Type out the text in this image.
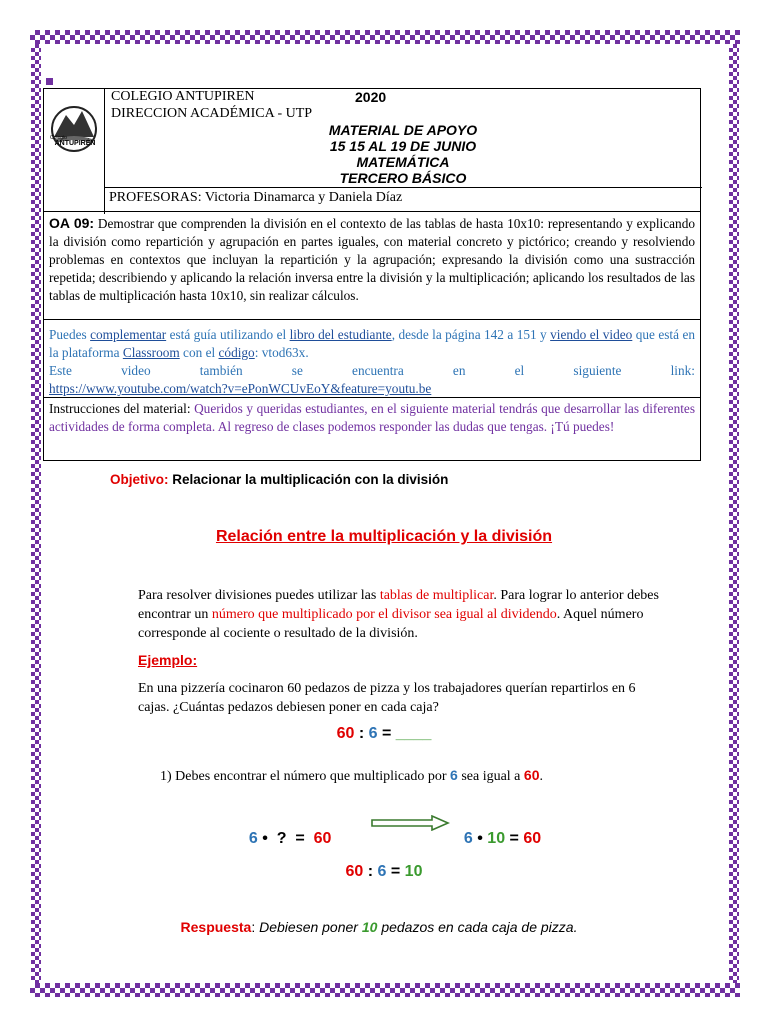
Colegio
ANTUPIRÉN
COLEGIO ANTUPIREN	2020
DIRECCION ACADÉMICA - UTP
MATERIAL DE APOYO
15 15 AL 19 DE JUNIO
MATEMÁTICA
TERCERO BÁSICO
PROFESORAS: Victoria Dinamarca y Daniela Díaz
OA 09: Demostrar que comprenden la división en el contexto de las tablas de hasta 10x10: representando y explicando la división como repartición y agrupación en partes iguales, con material concreto y pictórico; creando y resolviendo problemas en contextos que incluyan la repartición y la agrupación; expresando la división como una sustracción repetida; describiendo y aplicando la relación inversa entre la división y la multiplicación; aplicando los resultados de las tablas de multiplicación hasta 10x10, sin realizar cálculos.
Puedes complementar está guía utilizando el libro del estudiante, desde la página 142 a 151 y viendo el video que está en la plataforma Classroom con el código: vtod63x.

Este video también se encuentra en el siguiente link:
https://www.youtube.com/watch?v=ePonWCUvEoY&feature=youtu.be
Instrucciones del material: Queridos y queridas estudiantes, en el siguiente material tendrás que desarrollar las diferentes actividades de forma completa. Al regreso de clases podemos responder las dudas que tengas. ¡Tú puedes!
Objetivo: Relacionar la multiplicación con la división
Relación entre la multiplicación y la división
Para resolver divisiones puedes utilizar las tablas de multiplicar. Para lograr lo anterior debes encontrar un número que multiplicado por el divisor sea igual al dividendo. Aquel número corresponde al cociente o resultado de la división.
Ejemplo:
En una pizzería cocinaron 60 pedazos de pizza y los trabajadores querían repartirlos en 6 cajas. ¿Cuántas pedazos debiesen poner en cada caja?
60 : 6 = ____
1) Debes encontrar el número que multiplicado por 6 sea igual a 60.

6 •  ?  =  60	6 • 10 = 60

60 : 6 = 10
Respuesta: Debiesen poner 10 pedazos en cada caja de pizza.
